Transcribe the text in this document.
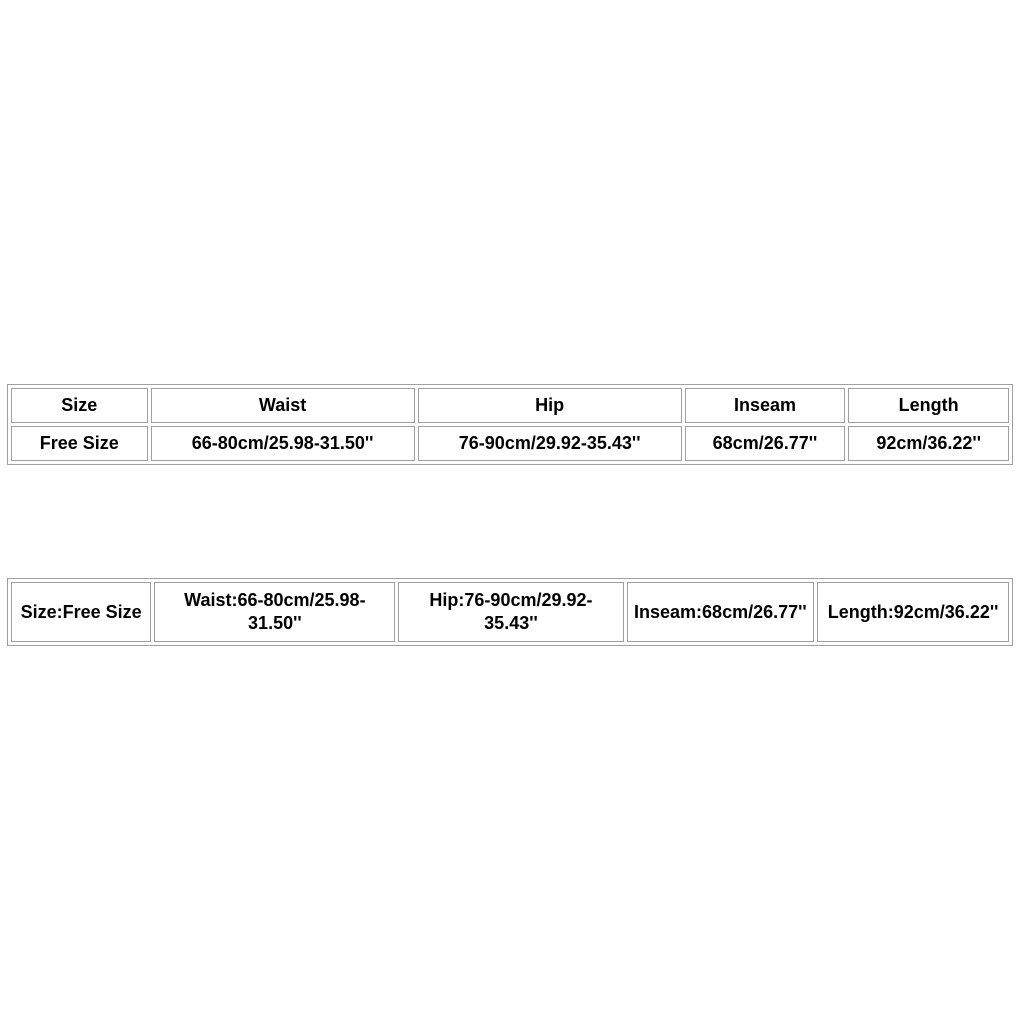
Size	Waist	Hip	Inseam	Length
Free Size	66-80cm/25.98-31.50''	76-90cm/29.92-35.43''	68cm/26.77''	92cm/36.22''
Size:Free Size	Waist:66-80cm/25.98-31.50''	Hip:76-90cm/29.92-35.43''	Inseam:68cm/26.77''	Length:92cm/36.22''
